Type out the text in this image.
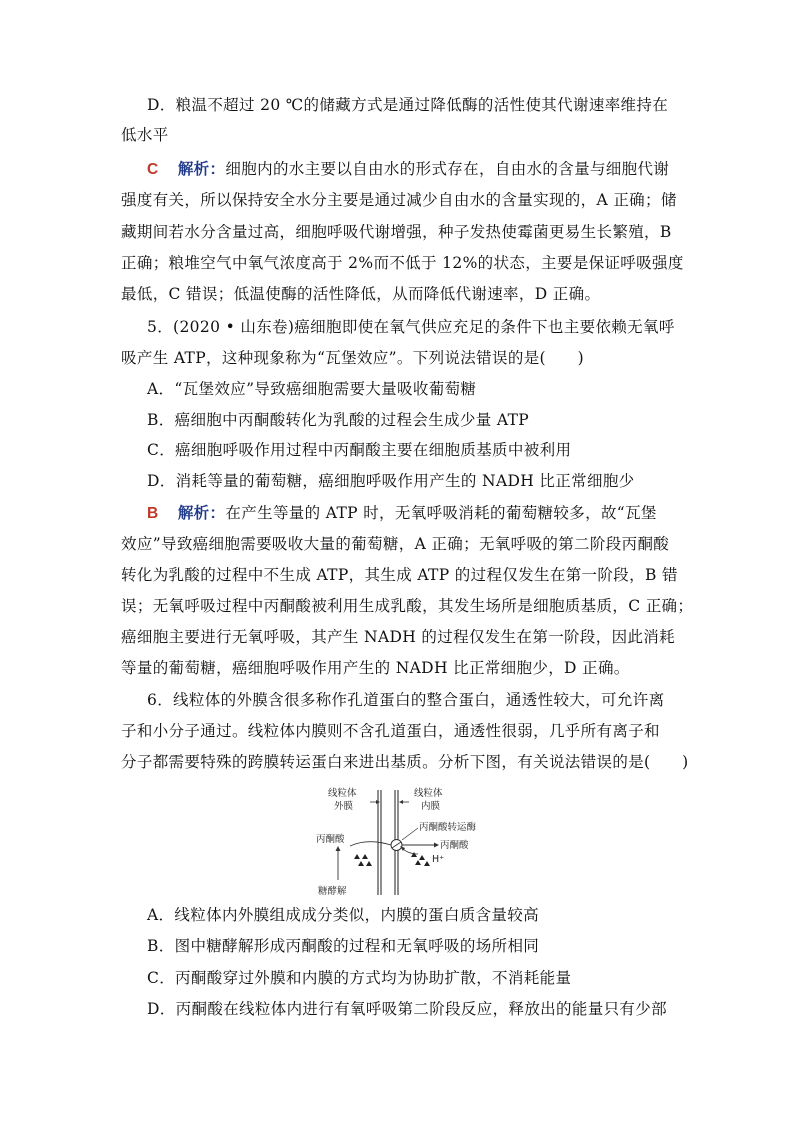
D．粮温不超过 20 ℃的储藏方式是通过降低酶的活性使其代谢速率维持在
低水平
C 解析：细胞内的水主要以自由水的形式存在，自由水的含量与细胞代谢
强度有关，所以保持安全水分主要是通过减少自由水的含量实现的，A 正确；储
藏期间若水分含量过高，细胞呼吸代谢增强，种子发热使霉菌更易生长繁殖，B
正确；粮堆空气中氧气浓度高于 2%而不低于 12%的状态，主要是保证呼吸强度
最低，C 错误；低温使酶的活性降低，从而降低代谢速率，D 正确。
5．(2020 • 山东卷)癌细胞即使在氧气供应充足的条件下也主要依赖无氧呼
吸产生 ATP，这种现象称为“瓦堡效应”。下列说法错误的是(　　)
A．“瓦堡效应”导致癌细胞需要大量吸收葡萄糖
B．癌细胞中丙酮酸转化为乳酸的过程会生成少量 ATP
C．癌细胞呼吸作用过程中丙酮酸主要在细胞质基质中被利用
D．消耗等量的葡萄糖，癌细胞呼吸作用产生的 NADH 比正常细胞少
B 解析：在产生等量的 ATP 时，无氧呼吸消耗的葡萄糖较多，故“瓦堡
效应”导致癌细胞需要吸收大量的葡萄糖，A 正确；无氧呼吸的第二阶段丙酮酸
转化为乳酸的过程中不生成 ATP，其生成 ATP 的过程仅发生在第一阶段，B 错
误；无氧呼吸过程中丙酮酸被利用生成乳酸，其发生场所是细胞质基质，C 正确；
癌细胞主要进行无氧呼吸，其产生 NADH 的过程仅发生在第一阶段，因此消耗
等量的葡萄糖，癌细胞呼吸作用产生的 NADH 比正常细胞少，D 正确。
6．线粒体的外膜含很多称作孔道蛋白的整合蛋白，通透性较大，可允许离
子和小分子通过。线粒体内膜则不含孔道蛋白，通透性很弱，几乎所有离子和
分子都需要特殊的跨膜转运蛋白来进出基质。分析下图，有关说法错误的是(　　)
线粒体
外膜
线粒体
内膜
丙酮酸转运酶
丙酮酸
丙酮酸
H⁺
糖酵解
A．线粒体内外膜组成成分类似，内膜的蛋白质含量较高
B．图中糖酵解形成丙酮酸的过程和无氧呼吸的场所相同
C．丙酮酸穿过外膜和内膜的方式均为协助扩散，不消耗能量
D．丙酮酸在线粒体内进行有氧呼吸第二阶段反应，释放出的能量只有少部
